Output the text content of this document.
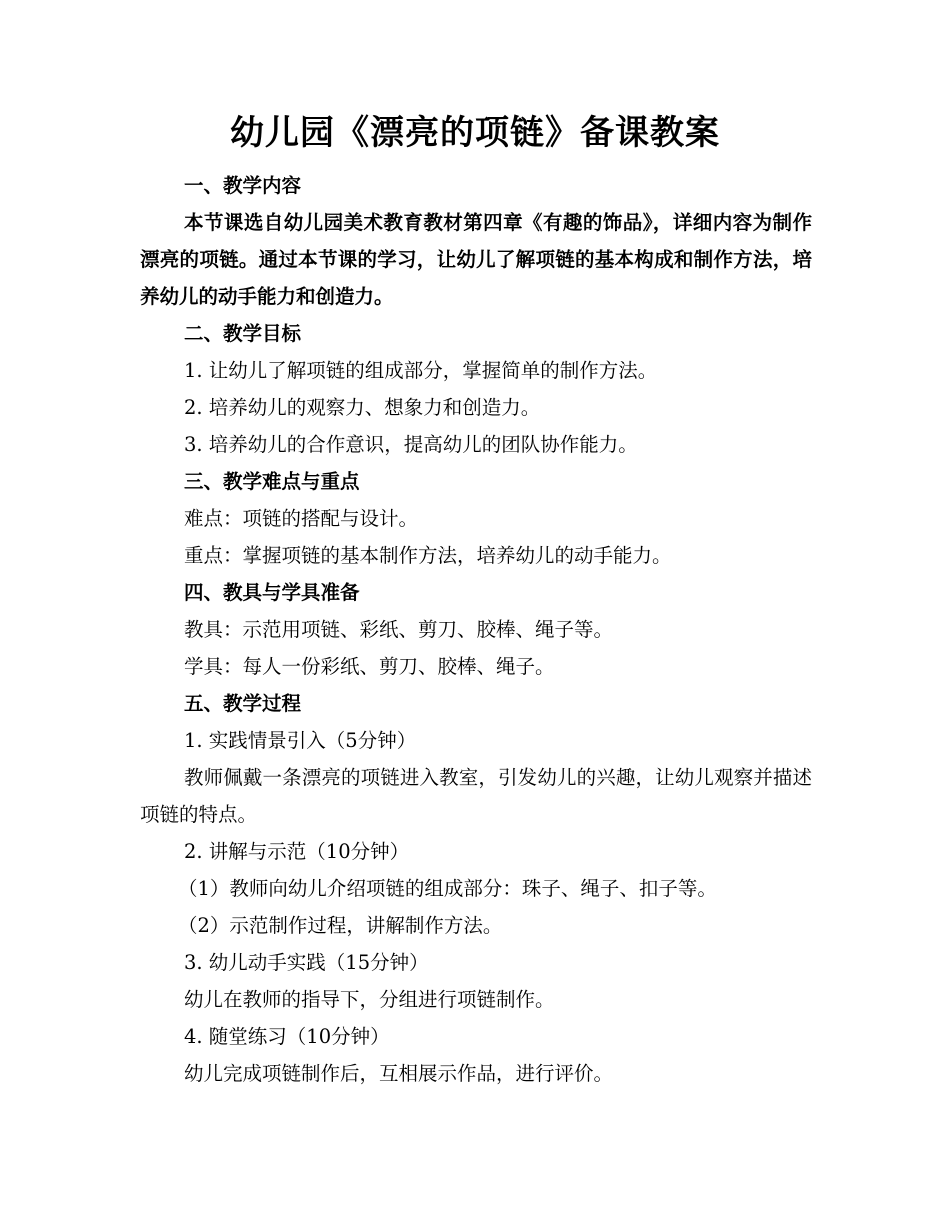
幼儿园《漂亮的项链》备课教案
一、教学内容
本节课选自幼儿园美术教育教材第四章《有趣的饰品》，详细内容为制作漂亮的项链。通过本节课的学习，让幼儿了解项链的基本构成和制作方法，培养幼儿的动手能力和创造力。
二、教学目标
1. 让幼儿了解项链的组成部分，掌握简单的制作方法。
2. 培养幼儿的观察力、想象力和创造力。
3. 培养幼儿的合作意识，提高幼儿的团队协作能力。
三、教学难点与重点
难点：项链的搭配与设计。
重点：掌握项链的基本制作方法，培养幼儿的动手能力。
四、教具与学具准备
教具：示范用项链、彩纸、剪刀、胶棒、绳子等。
学具：每人一份彩纸、剪刀、胶棒、绳子。
五、教学过程
1. 实践情景引入（5分钟）
教师佩戴一条漂亮的项链进入教室，引发幼儿的兴趣，让幼儿观察并描述项链的特点。
2. 讲解与示范（10分钟）
（1）教师向幼儿介绍项链的组成部分：珠子、绳子、扣子等。
（2）示范制作过程，讲解制作方法。
3. 幼儿动手实践（15分钟）
幼儿在教师的指导下，分组进行项链制作。
4. 随堂练习（10分钟）
幼儿完成项链制作后，互相展示作品，进行评价。
